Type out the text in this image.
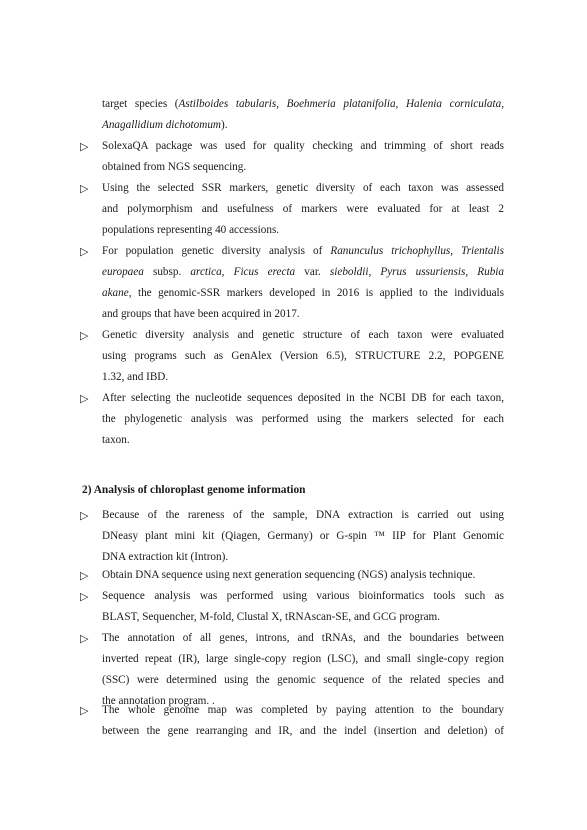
target species (Astilboides tabularis, Boehmeria platanifolia, Halenia corniculata,
Anagallidium dichotomum).
▷	SolexaQA package was used for quality checking and trimming of short reads
obtained from NGS sequencing.
▷	Using the selected SSR markers, genetic diversity of each taxon was assessed
and polymorphism and usefulness of markers were evaluated for at least 2
populations representing 40 accessions.
▷	For population genetic diversity analysis of Ranunculus trichophyllus, Trientalis
europaea subsp. arctica, Ficus erecta var. sieboldii, Pyrus ussuriensis, Rubia
akane, the genomic-SSR markers developed in 2016 is applied to the individuals
and groups that have been acquired in 2017.
▷	Genetic diversity analysis and genetic structure of each taxon were evaluated
using programs such as GenAlex (Version 6.5), STRUCTURE 2.2, POPGENE
1.32, and IBD.
▷	After selecting the nucleotide sequences deposited in the NCBI DB for each taxon,
the phylogenetic analysis was performed using the markers selected for each
taxon.
▷	Because of the rareness of the sample, DNA extraction is carried out using
DNeasy plant mini kit (Qiagen, Germany) or G-spin ™ IIP for Plant Genomic
DNA extraction kit (Intron).
▷	Obtain DNA sequence using next generation sequencing (NGS) analysis technique.
▷	Sequence analysis was performed using various bioinformatics tools such as
BLAST, Sequencher, M-fold, Clustal X, tRNAscan-SE, and GCG program.
▷	The annotation of all genes, introns, and tRNAs, and the boundaries between
inverted repeat (IR), large single-copy region (LSC), and small single-copy region
(SSC) were determined using the genomic sequence of the related species and
the annotation program. .
▷	The whole genome map was completed by paying attention to the boundary
between the gene rearranging and IR, and the indel (insertion and deletion) of
2) Analysis of chloroplast genome information
